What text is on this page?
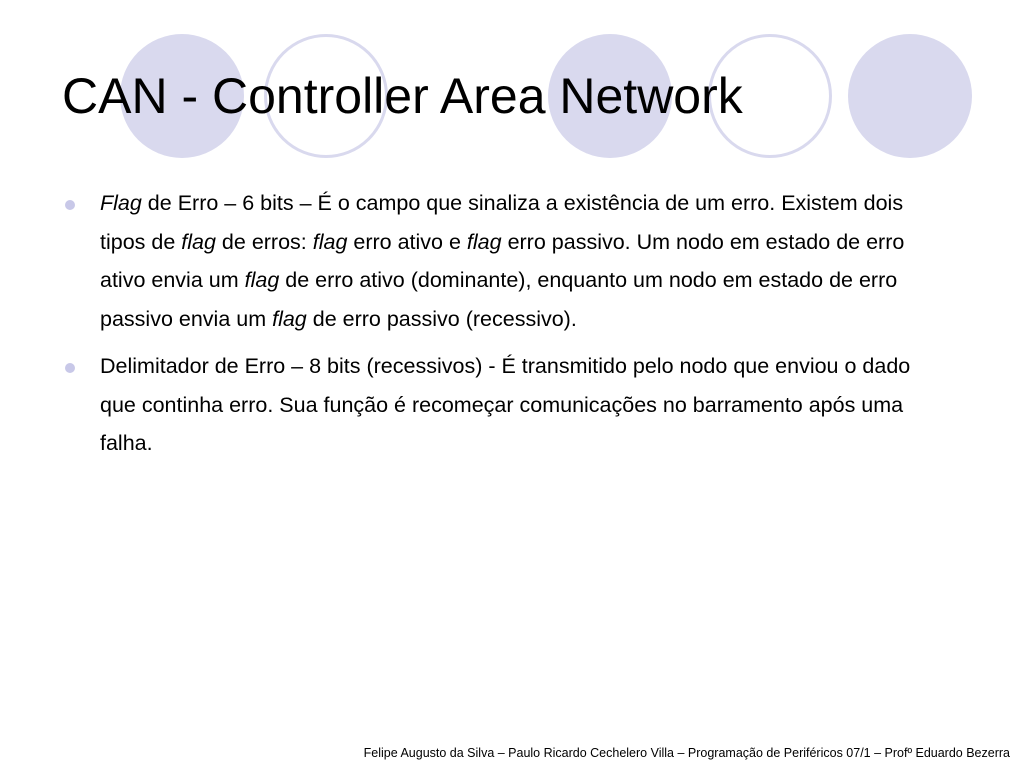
CAN - Controller Area Network
Flag de Erro – 6 bits – É o campo que sinaliza a existência de um erro. Existem dois tipos de flag de erros: flag erro ativo e flag erro passivo. Um nodo em estado de erro ativo envia um flag de erro ativo (dominante), enquanto um nodo em estado de erro passivo envia um flag de erro passivo (recessivo).
Delimitador de Erro – 8 bits (recessivos) - É transmitido pelo nodo que enviou o dado que continha erro. Sua função é recomeçar comunicações no barramento após uma falha.
Felipe Augusto da Silva – Paulo Ricardo Cechelero Villa – Programação de Periféricos 07/1 – Profº Eduardo Bezerra
